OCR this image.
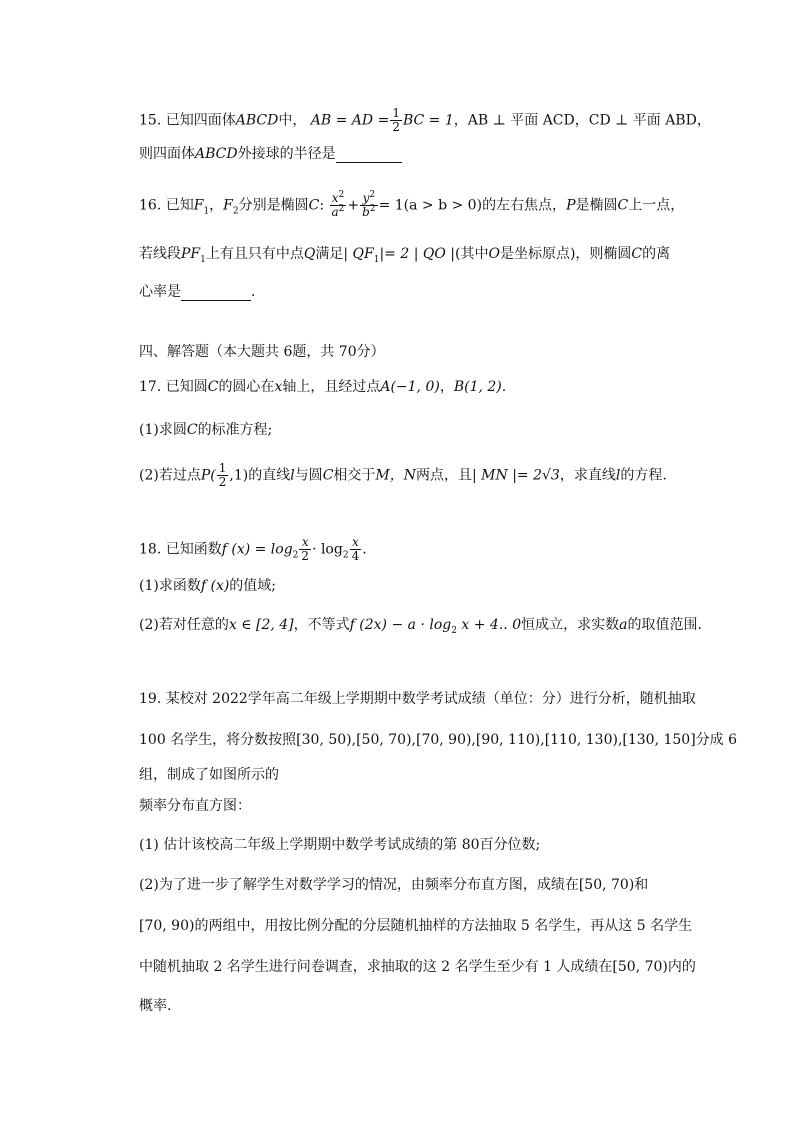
15. 已知四面体ABCD中， AB = AD = $\frac{1}{2}$ BC = 1，AB ⊥ 平面 ACD，CD ⊥ 平面 ABD，
则四面体ABCD外接球的半径是
16. 已知$F_1$，$F_2$分别是椭圆C: $\frac{x^2}{a^2} + \frac{y^2}{b^2} = 1(a > b > 0)$的左右焦点，P是椭圆C上一点，
若线段$PF_1$上有且只有中点Q满足| $QF_1|= 2$ | QO |(其中O是坐标原点)，则椭圆C的离
心率是	.
四、解答题（本大题共 6题，共 70分）
17. 已知圆C的圆心在x轴上，且经过点A(−1, 0)，B(1, 2).
(1)求圆C的标准方程;
(2)若过点$P( \frac{1}{2} ,1)$的直线l与圆C相交于M，N两点，且| MN |= 2√3，求直线l的方程.
18. 已知函数f $(x) = \log_2 \frac{x}{2} \cdot \log_2 \frac{x}{4}$ .
(1)求函数f (x)的值域;
(2)若对任意的x ∈ [2, 4]，不等式f $(2x) - a \cdot \log_2 x + 4$.. 0恒成立，求实数a的取值范围.
19. 某校对 2022学年高二年级上学期期中数学考试成绩（单位：分）进行分析，随机抽取
100 名学生，将分数按照[30, 50),[50, 70),[70, 90),[90, 110),[110, 130),[130, 150]分成 6
组，制成了如图所示的
频率分布直方图：
(1) 估计该校高二年级上学期期中数学考试成绩的第 80百分位数;
(2)为了进一步了解学生对数学学习的情况，由频率分布直方图，成绩在[50, 70)和
[70, 90)的两组中，用按比例分配的分层随机抽样的方法抽取 5 名学生，再从这 5 名学生
中随机抽取 2 名学生进行问卷调查，求抽取的这 2 名学生至少有 1 人成绩在[50, 70)内的
概率.
